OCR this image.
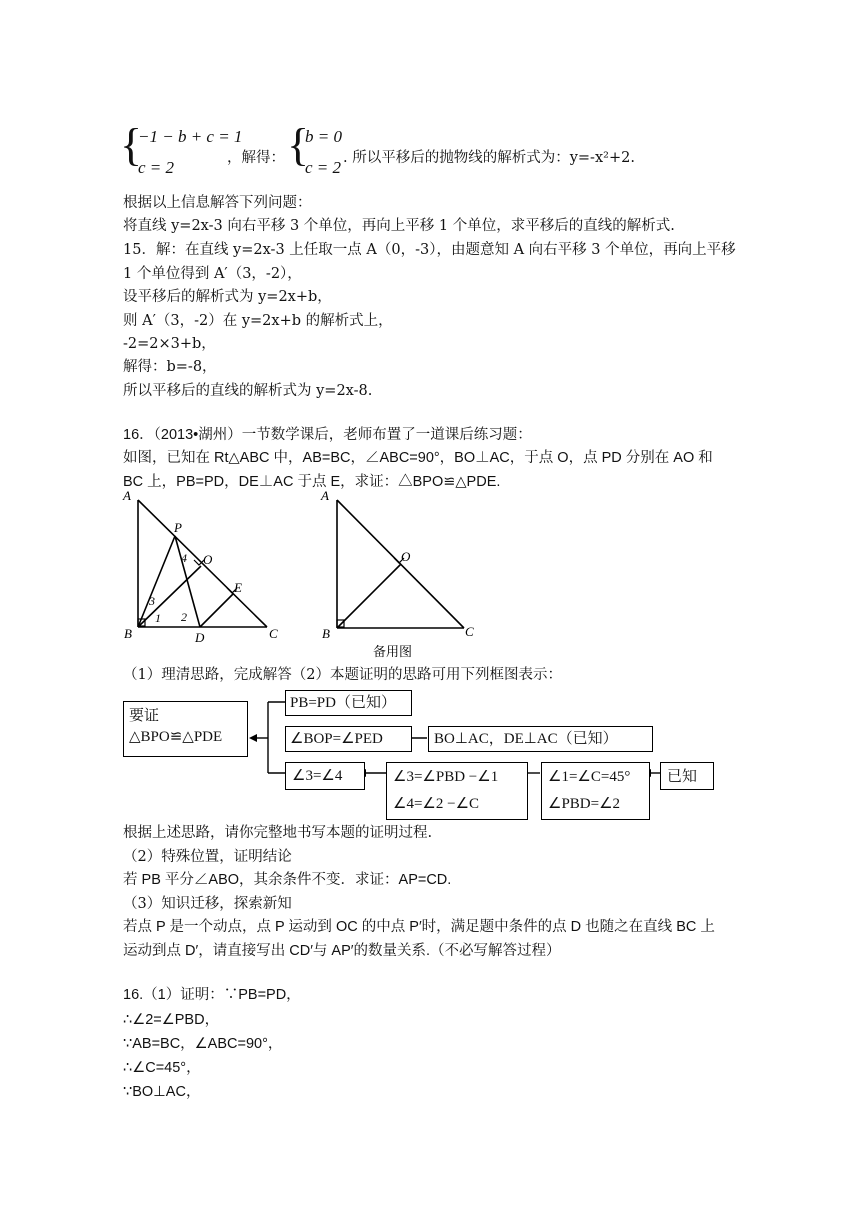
{
−1 − b + c = 1
c = 2	，解得： {
b = 0
c = 2 . 所以平移后的抛物线的解析式为：y=-x²+2.
根据以上信息解答下列问题：
将直线 y=2x-3 向右平移 3 个单位，再向上平移 1 个单位，求平移后的直线的解析式.
15．解：在直线 y=2x-3 上任取一点 A（0，-3），由题意知 A 向右平移 3 个单位，再向上平移
1 个单位得到 A′（3，-2），
设平移后的解析式为 y=2x+b，
则 A′（3，-2）在 y=2x+b 的解析式上，
-2=2×3+b，
解得：b=-8，
所以平移后的直线的解析式为 y=2x-8.
16．（2013•湖州）一节数学课后，老师布置了一道课后练习题：
如图，已知在 Rt△ABC 中，AB=BC，∠ABC=90°，BO⊥AC，于点 O，点 PD 分别在 AO 和
BC 上，PB=PD，DE⊥AC 于点 E，求证：△BPO≌△PDE.
A
P
O
E
B	D	C
1 2
3
4
A
O
B	C
备用图
（1）理清思路，完成解答（2）本题证明的思路可用下列框图表示：
要证
△BPO≌△PDE
PB=PD（已知）
∠BOP=∠PED	BO⊥AC，DE⊥AC（已知）
∠3=∠4	∠3=∠PBD −∠1
∠4=∠2 −∠C
∠1=∠C=45°
∠PBD=∠2
已知
根据上述思路，请你完整地书写本题的证明过程.
（2）特殊位置，证明结论
若 PB 平分∠ABO，其余条件不变．求证：AP=CD.
（3）知识迁移，探索新知
若点 P 是一个动点，点 P 运动到 OC 的中点 P′时，满足题中条件的点 D 也随之在直线 BC 上
运动到点 D′，请直接写出 CD′与 AP′的数量关系.（不必写解答过程）
16.（1）证明：∵PB=PD，
∴∠2=∠PBD，
∵AB=BC，∠ABC=90°，
∴∠C=45°，
∵BO⊥AC，
